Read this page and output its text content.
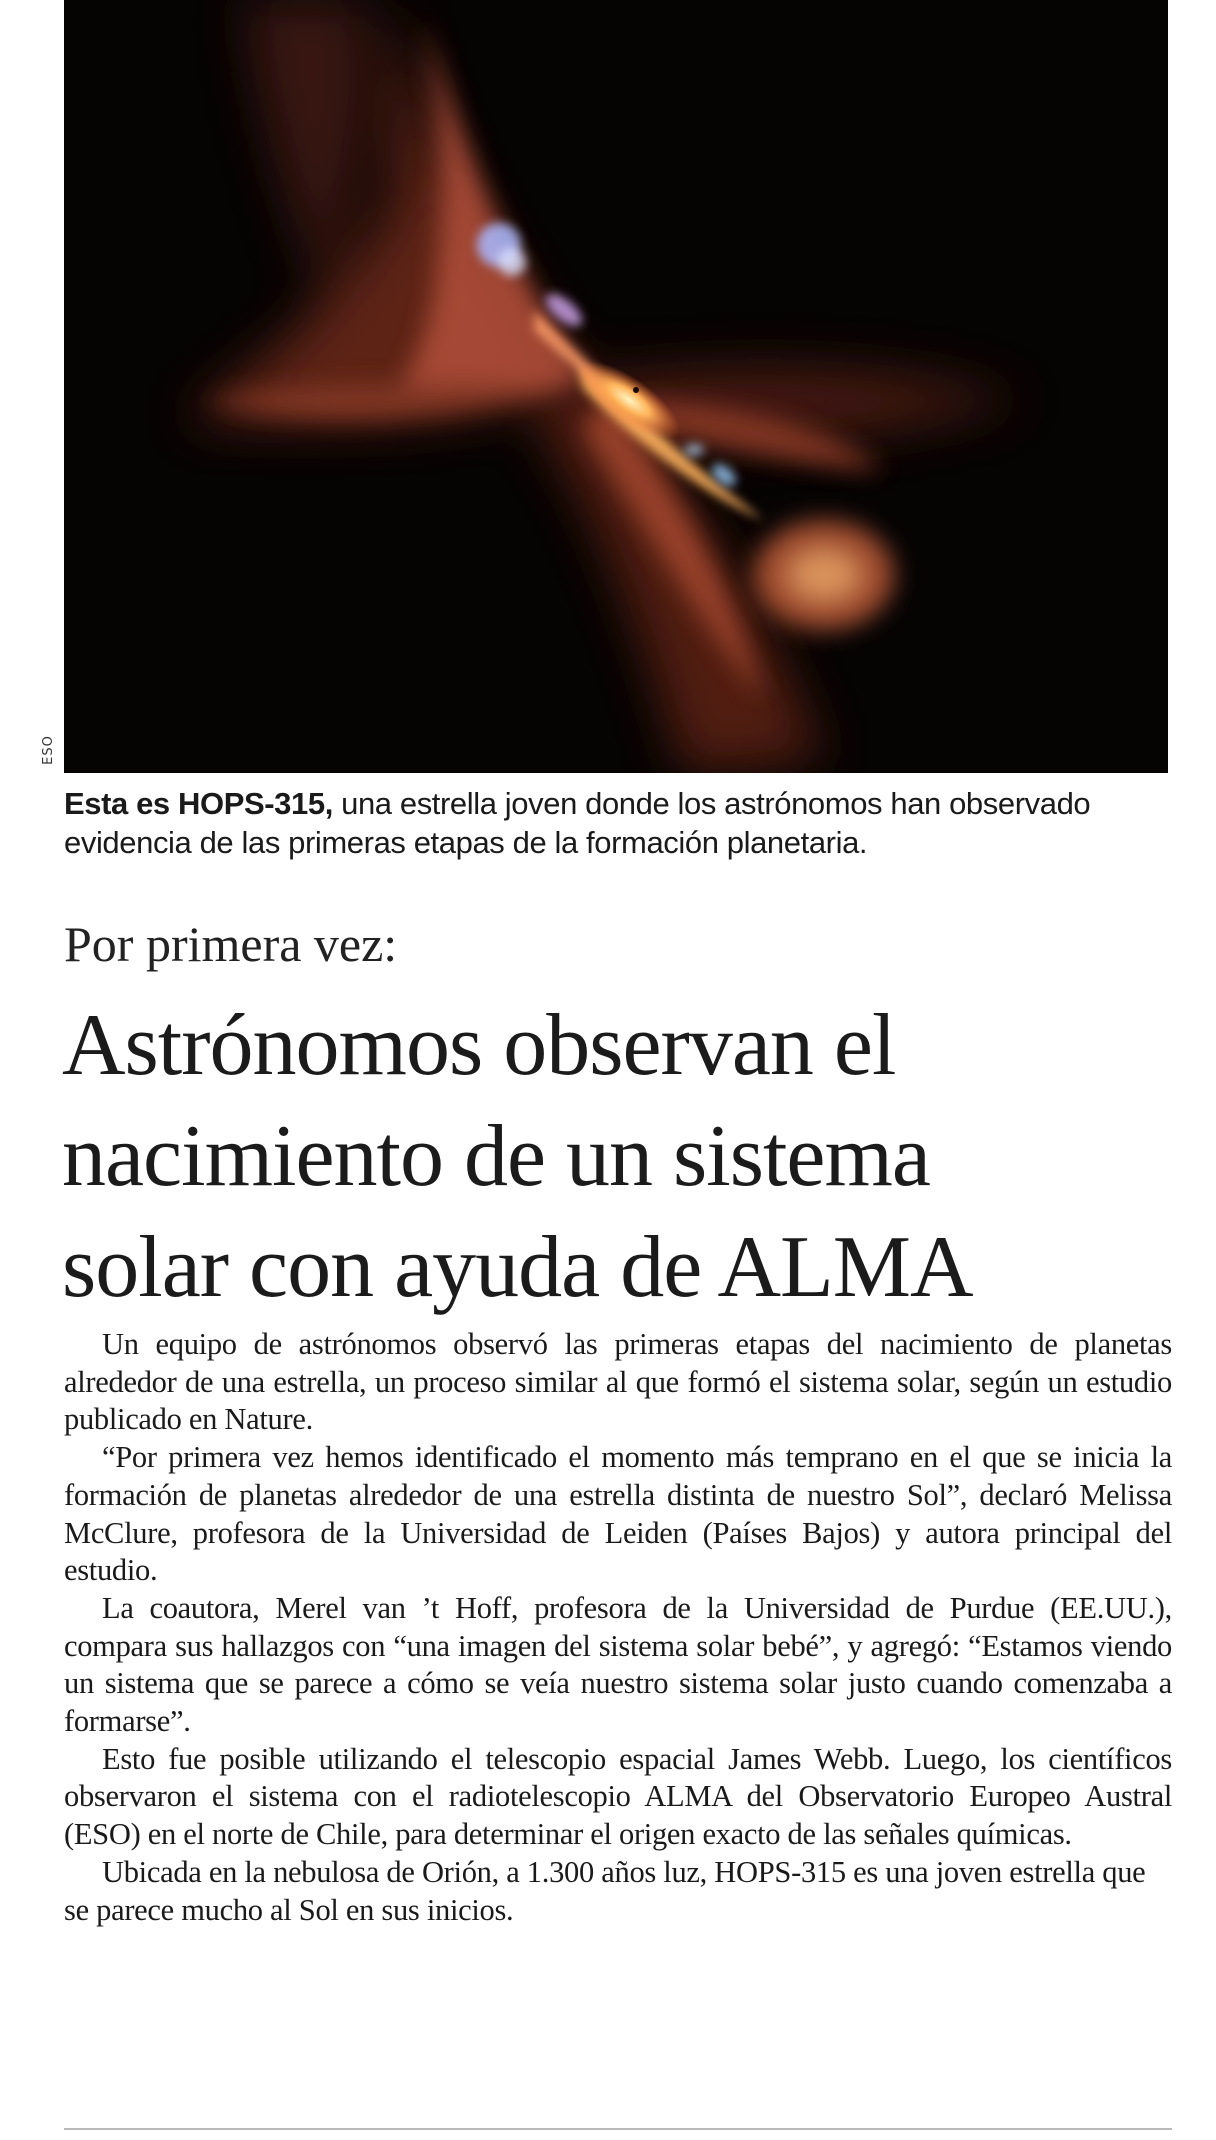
ESO
Esta es HOPS-315, una estrella joven donde los astrónomos han observado evidencia de las primeras etapas de la formación planetaria.
Por primera vez:
Astrónomos observan el
nacimiento de un sistema
solar con ayuda de ALMA

Un equipo de astrónomos observó las primeras etapas del nacimiento de planetas alrededor de una estrella, un proceso similar al que formó el sistema solar, según un estudio publicado en Nature.

“Por primera vez hemos identificado el momento más temprano en el que se inicia la formación de planetas alrededor de una estrella distinta de nuestro Sol”, declaró Melissa McClure, profesora de la Universidad de Leiden (Países Bajos) y autora principal del estudio.

La coautora, Merel van ’t Hoff, profesora de la Universidad de Purdue (EE.UU.), compara sus hallazgos con “una imagen del sistema solar bebé”, y agregó: “Estamos viendo un sistema que se parece a cómo se veía nuestro sistema solar justo cuando comenzaba a formarse”.

Esto fue posible utilizando el telescopio espacial James Webb. Luego, los científicos observaron el sistema con el radiotelescopio ALMA del Observatorio Europeo Austral (ESO) en el norte de Chile, para determinar el origen exacto de las señales químicas.

Ubicada en la nebulosa de Orión, a 1.300 años luz, HOPS-315 es una joven estrella que se parece mucho al Sol en sus inicios.
